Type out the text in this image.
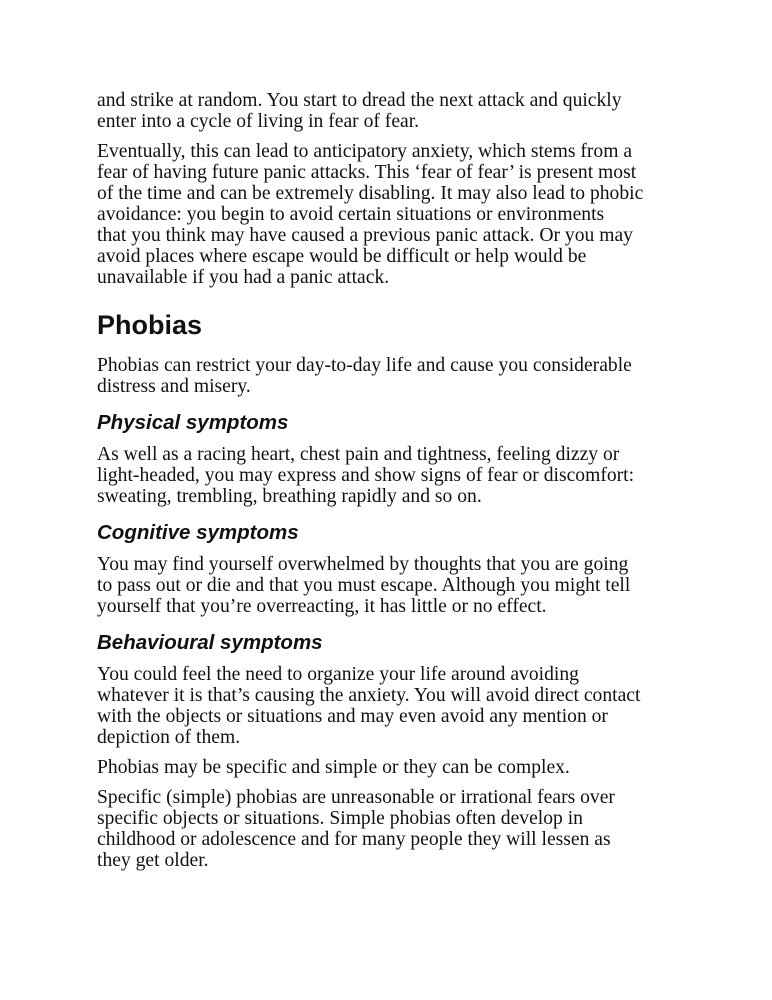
and strike at random. You start to dread the next attack and quickly
enter into a cycle of living in fear of fear.

Eventually, this can lead to anticipatory anxiety, which stems from a
fear of having future panic attacks. This ‘fear of fear’ is present most
of the time and can be extremely disabling. It may also lead to phobic
avoidance: you begin to avoid certain situations or environments
that you think may have caused a previous panic attack. Or you may
avoid places where escape would be difficult or help would be
unavailable if you had a panic attack.

Phobias

Phobias can restrict your day-to-day life and cause you considerable
distress and misery.

Physical symptoms

As well as a racing heart, chest pain and tightness, feeling dizzy or
light-headed, you may express and show signs of fear or discomfort:
sweating, trembling, breathing rapidly and so on.

Cognitive symptoms

You may find yourself overwhelmed by thoughts that you are going
to pass out or die and that you must escape. Although you might tell
yourself that you’re overreacting, it has little or no effect.

Behavioural symptoms

You could feel the need to organize your life around avoiding
whatever it is that’s causing the anxiety. You will avoid direct contact
with the objects or situations and may even avoid any mention or
depiction of them.

Phobias may be specific and simple or they can be complex.

Specific (simple) phobias are unreasonable or irrational fears over
specific objects or situations. Simple phobias often develop in
childhood or adolescence and for many people they will lessen as
they get older.
